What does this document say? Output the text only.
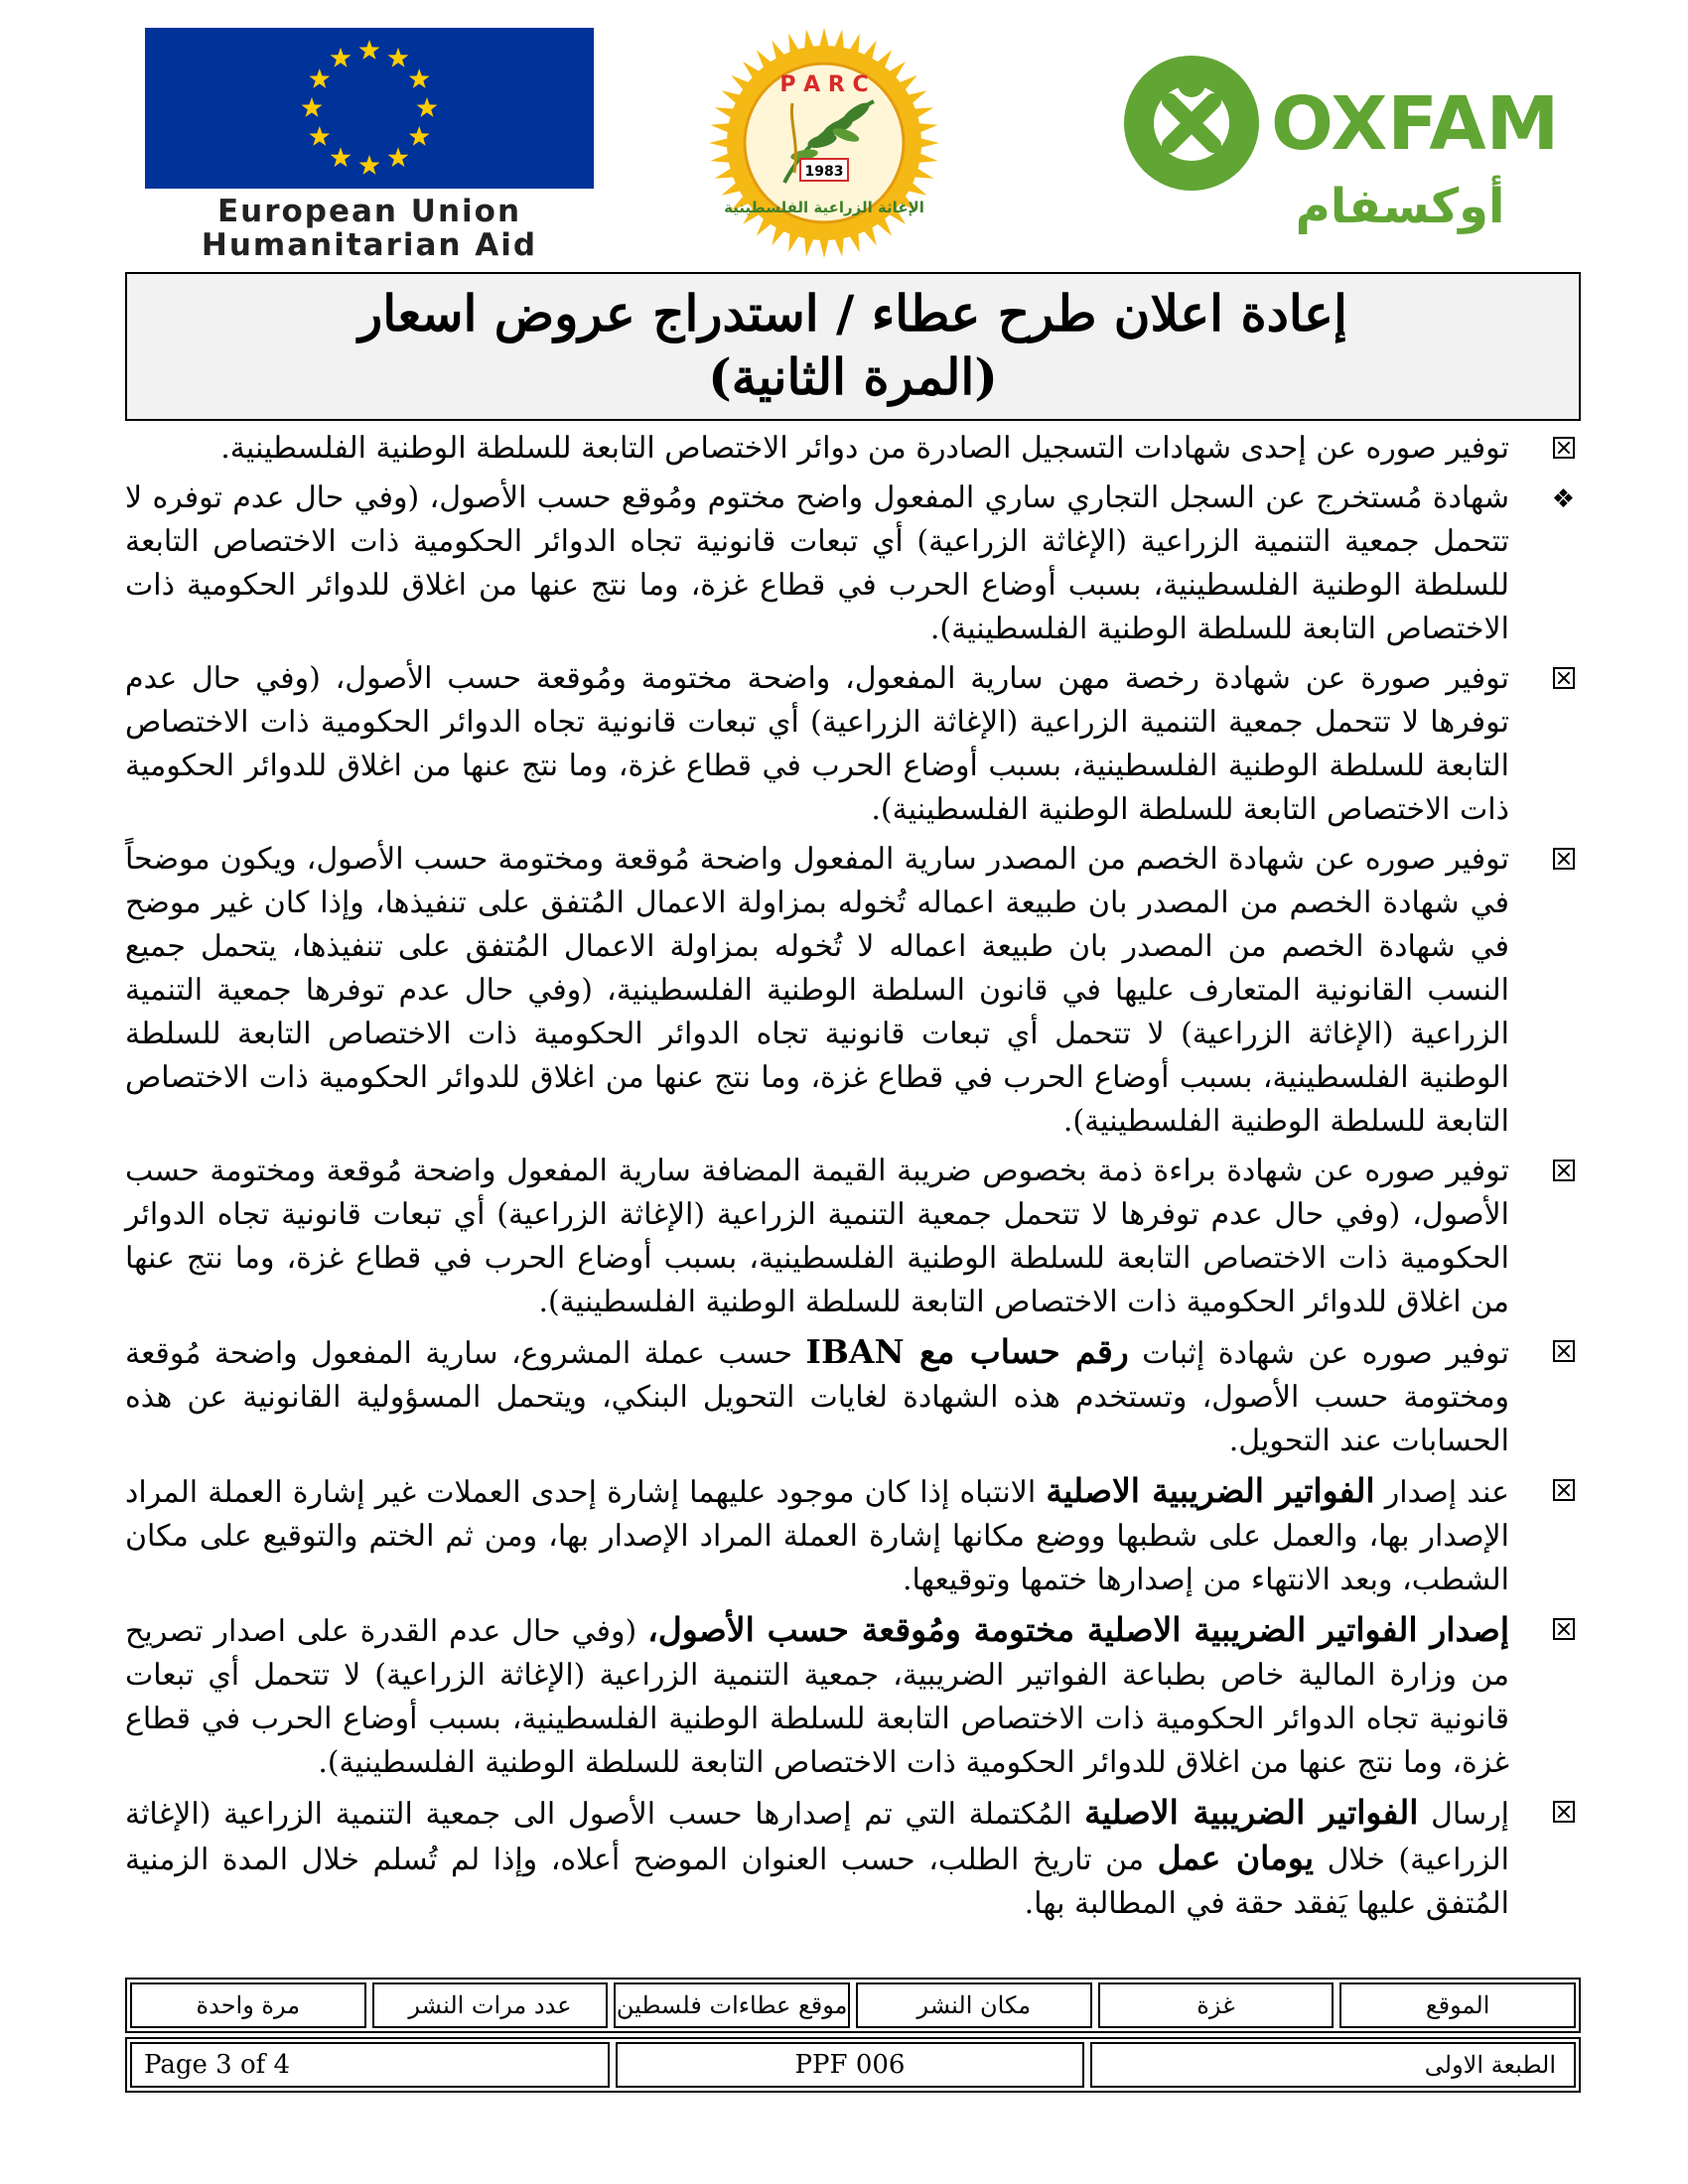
European Union
Humanitarian Aid
P A R C
1983
الإغاثة الزراعية الفلسطينية
OXFAM
أوكسفام
إعادة اعلان طرح عطاء / استدراج عروض اسعار
(المرة الثانية)
توفير صوره عن إحدى شهادات التسجيل الصادرة من دوائر الاختصاص التابعة للسلطة الوطنية الفلسطينية.
❖
شهادة مُستخرج عن السجل التجاري ساري المفعول واضح مختوم ومُوقع حسب الأصول، (وفي حال عدم توفره لا تتحمل جمعية التنمية الزراعية (الإغاثة الزراعية) أي تبعات قانونية تجاه الدوائر الحكومية ذات الاختصاص التابعة للسلطة الوطنية الفلسطينية، بسبب أوضاع الحرب في قطاع غزة، وما نتج عنها من اغلاق للدوائر الحكومية ذات الاختصاص التابعة للسلطة الوطنية الفلسطينية).
توفير صورة عن شهادة رخصة مهن سارية المفعول، واضحة مختومة ومُوقعة حسب الأصول، (وفي حال عدم توفرها لا تتحمل جمعية التنمية الزراعية (الإغاثة الزراعية) أي تبعات قانونية تجاه الدوائر الحكومية ذات الاختصاص التابعة للسلطة الوطنية الفلسطينية، بسبب أوضاع الحرب في قطاع غزة، وما نتج عنها من اغلاق للدوائر الحكومية ذات الاختصاص التابعة للسلطة الوطنية الفلسطينية).
توفير صوره عن شهادة الخصم من المصدر سارية المفعول واضحة مُوقعة ومختومة حسب الأصول، ويكون موضحاً في شهادة الخصم من المصدر بان طبيعة اعماله تُخوله بمزاولة الاعمال المُتفق على تنفيذها، وإذا كان غير موضح في شهادة الخصم من المصدر بان طبيعة اعماله لا تُخوله بمزاولة الاعمال المُتفق على تنفيذها، يتحمل جميع النسب القانونية المتعارف عليها في قانون السلطة الوطنية الفلسطينية، (وفي حال عدم توفرها جمعية التنمية الزراعية (الإغاثة الزراعية) لا تتحمل أي تبعات قانونية تجاه الدوائر الحكومية ذات الاختصاص التابعة للسلطة الوطنية الفلسطينية، بسبب أوضاع الحرب في قطاع غزة، وما نتج عنها من اغلاق للدوائر الحكومية ذات الاختصاص التابعة للسلطة الوطنية الفلسطينية).
توفير صوره عن شهادة براءة ذمة بخصوص ضريبة القيمة المضافة سارية المفعول واضحة مُوقعة ومختومة حسب الأصول، (وفي حال عدم توفرها لا تتحمل جمعية التنمية الزراعية (الإغاثة الزراعية) أي تبعات قانونية تجاه الدوائر الحكومية ذات الاختصاص التابعة للسلطة الوطنية الفلسطينية، بسبب أوضاع الحرب في قطاع غزة، وما نتج عنها من اغلاق للدوائر الحكومية ذات الاختصاص التابعة للسلطة الوطنية الفلسطينية).
توفير صوره عن شهادة إثبات رقم حساب مع IBAN حسب عملة المشروع، سارية المفعول واضحة مُوقعة ومختومة حسب الأصول، وتستخدم هذه الشهادة لغايات التحويل البنكي، ويتحمل المسؤولية القانونية عن هذه الحسابات عند التحويل.
عند إصدار الفواتير الضريبية الاصلية الانتباه إذا كان موجود عليهما إشارة إحدى العملات غير إشارة العملة المراد الإصدار بها، والعمل على شطبها ووضع مكانها إشارة العملة المراد الإصدار بها، ومن ثم الختم والتوقيع على مكان الشطب، وبعد الانتهاء من إصدارها ختمها وتوقيعها.
إصدار الفواتير الضريبية الاصلية مختومة ومُوقعة حسب الأصول، (وفي حال عدم القدرة على اصدار تصريح من وزارة المالية خاص بطباعة الفواتير الضريبية، جمعية التنمية الزراعية (الإغاثة الزراعية) لا تتحمل أي تبعات قانونية تجاه الدوائر الحكومية ذات الاختصاص التابعة للسلطة الوطنية الفلسطينية، بسبب أوضاع الحرب في قطاع غزة، وما نتج عنها من اغلاق للدوائر الحكومية ذات الاختصاص التابعة للسلطة الوطنية الفلسطينية).
إرسال الفواتير الضريبية الاصلية المُكتملة التي تم إصدارها حسب الأصول الى جمعية التنمية الزراعية (الإغاثة الزراعية) خلال يومان عمل من تاريخ الطلب، حسب العنوان الموضح أعلاه، وإذا لم تُسلم خلال المدة الزمنية المُتفق عليها يَفقد حقة في المطالبة بها.
الموقع
غزة
مكان النشر
موقع عطاءات فلسطين
عدد مرات النشر
مرة واحدة
الطبعة الاولى
PPF 006
Page 3 of 4
